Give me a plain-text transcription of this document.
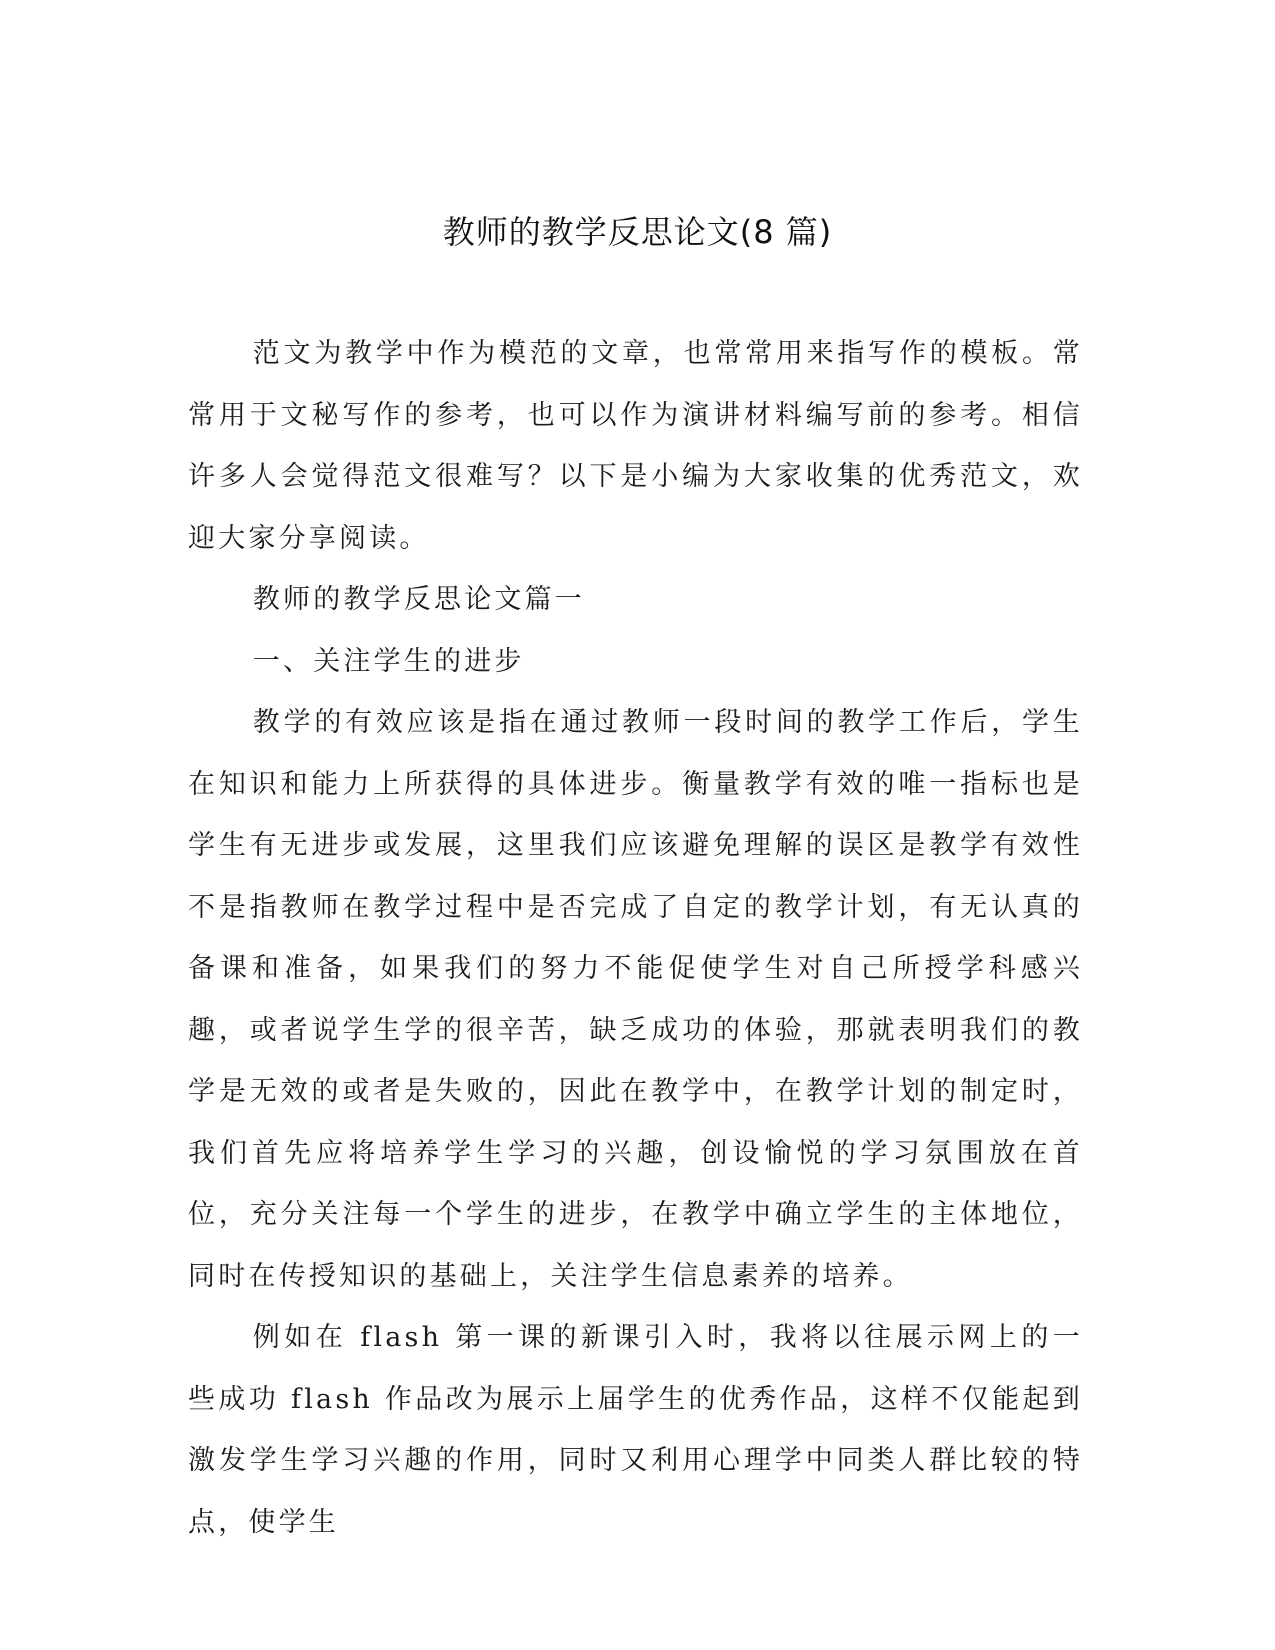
教师的教学反思论文(8 篇)

范文为教学中作为模范的文章，也常常用来指写作的模板。常常用于文秘写作的参考，也可以作为演讲材料编写前的参考。相信许多人会觉得范文很难写？以下是小编为大家收集的优秀范文，欢迎大家分享阅读。

教师的教学反思论文篇一

一、关注学生的进步

教学的有效应该是指在通过教师一段时间的教学工作后，学生在知识和能力上所获得的具体进步。衡量教学有效的唯一指标也是学生有无进步或发展，这里我们应该避免理解的误区是教学有效性不是指教师在教学过程中是否完成了自定的教学计划，有无认真的备课和准备，如果我们的努力不能促使学生对自己所授学科感兴趣，或者说学生学的很辛苦，缺乏成功的体验，那就表明我们的教学是无效的或者是失败的，因此在教学中，在教学计划的制定时，我们首先应将培养学生学习的兴趣，创设愉悦的学习氛围放在首位，充分关注每一个学生的进步，在教学中确立学生的主体地位，同时在传授知识的基础上，关注学生信息素养的培养。

例如在 flash 第一课的新课引入时，我将以往展示网上的一些成功 flash 作品改为展示上届学生的优秀作品，这样不仅能起到激发学生学习兴趣的作用，同时又利用心理学中同类人群比较的特点，使学生
